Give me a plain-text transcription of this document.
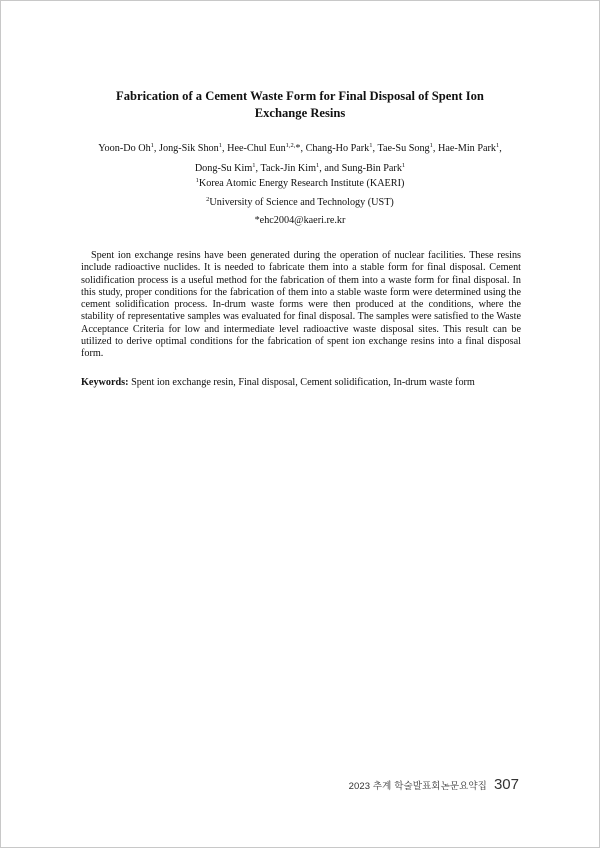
Fabrication of a Cement Waste Form for Final Disposal of Spent Ion Exchange Resins
Yoon-Do Oh$^1$, Jong-Sik Shon$^1$, Hee-Chul Eun$^{1,2,}$*, Chang-Ho Park$^1$, Tae-Su Song$^1$, Hae-Min Park$^1$,
Dong-Su Kim$^1$, Tack-Jin Kim$^1$, and Sung-Bin Park$^1$
$^1$Korea Atomic Energy Research Institute (KAERI)
$^2$University of Science and Technology (UST)
*ehc2004@kaeri.re.kr

Spent ion exchange resins have been generated during the operation of nuclear facilities. These resins include radioactive nuclides. It is needed to fabricate them into a stable form for final disposal. Cement solidification process is a useful method for the fabrication of them into a waste form for final disposal. In this study, proper conditions for the fabrication of them into a stable waste form were determined using the cement solidification process. In-drum waste forms were then produced at the conditions, where the stability of representative samples was evaluated for final disposal. The samples were satisfied to the Waste Acceptance Criteria for low and intermediate level radioactive waste disposal sites. This result can be utilized to derive optimal conditions for the fabrication of spent ion exchange resins into a final disposal form.

Keywords: Spent ion exchange resin, Final disposal, Cement solidification, In-drum waste form

2023 추계 학술발표회논문요약집 307
